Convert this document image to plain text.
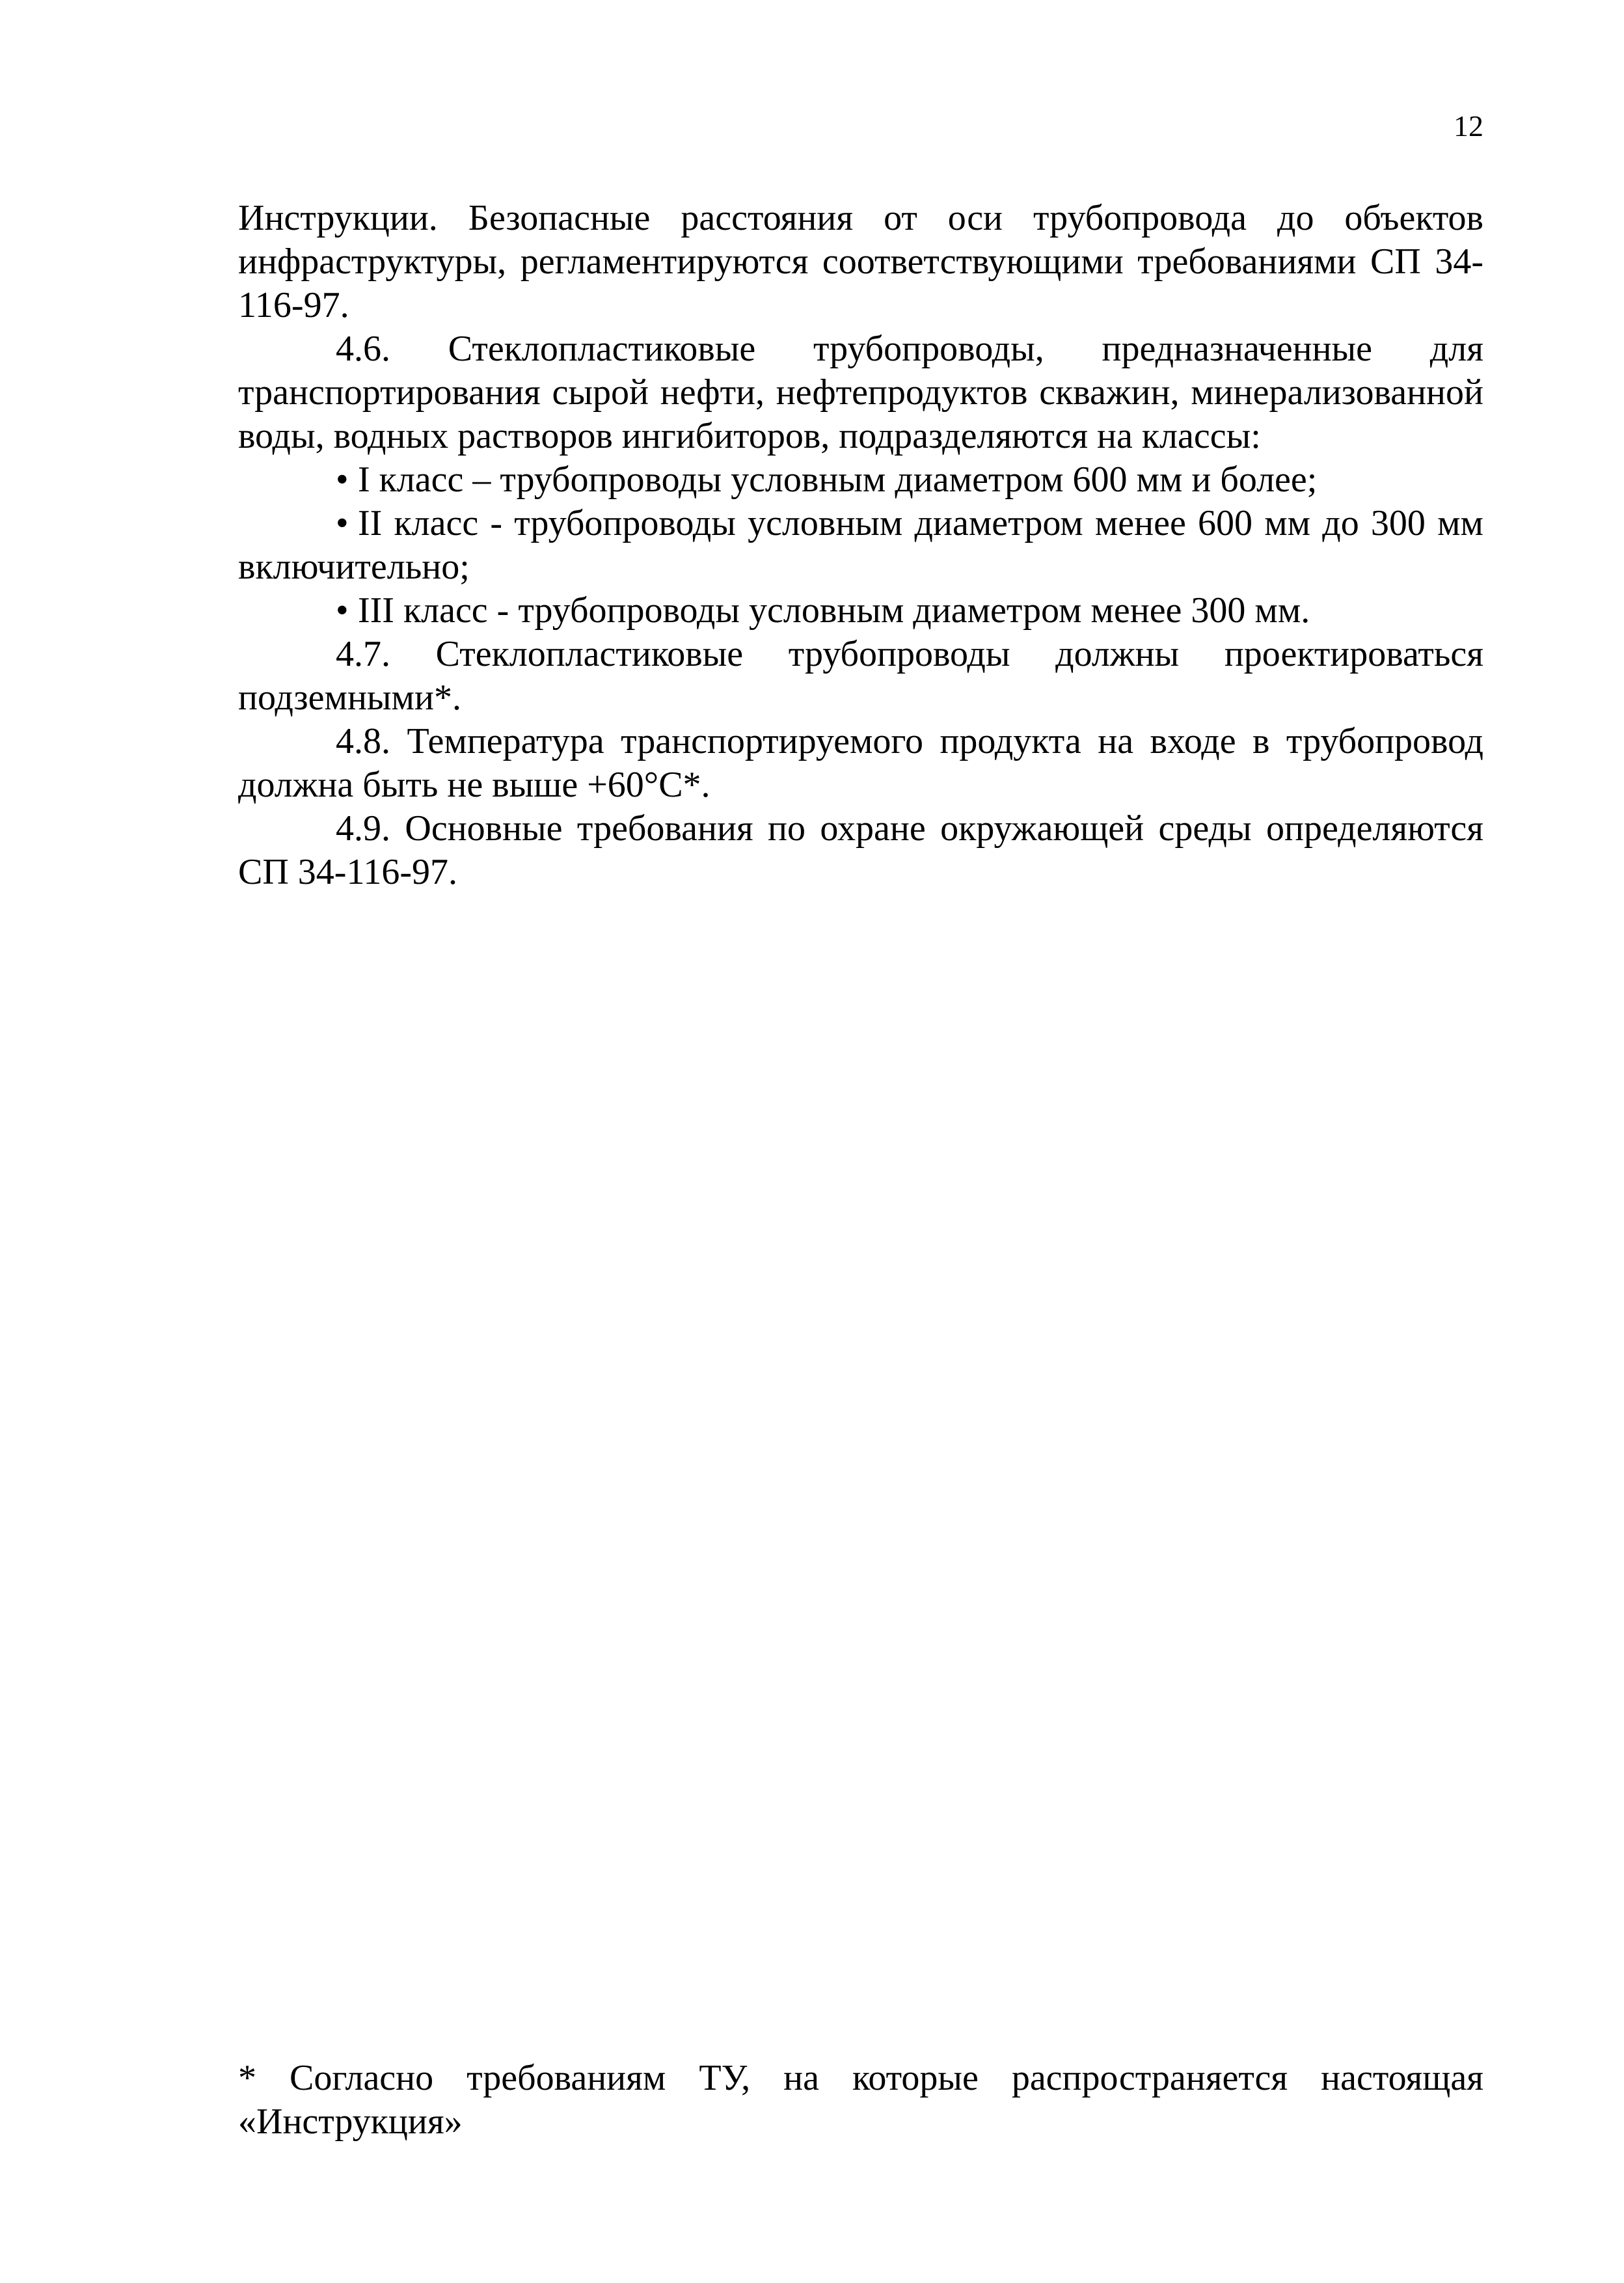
12

Инструкции. Безопасные расстояния от оси трубопровода до объектов инфраструктуры, регламентируются соответствующими требованиями СП 34-116-97.

4.6. Стеклопластиковые трубопроводы, предназначенные для транспортирования сырой нефти, нефтепродуктов скважин, минерализованной воды, водных растворов ингибиторов, подразделяются на классы:

• I класс – трубопроводы условным диаметром 600 мм и более;

• II класс - трубопроводы условным диаметром менее 600 мм до 300 мм включительно;

• III класс - трубопроводы условным диаметром менее 300 мм.

4.7. Стеклопластиковые трубопроводы должны проектироваться подземными*.

4.8. Температура транспортируемого продукта на входе в трубопровод должна быть не выше +60°С*.

4.9. Основные требования по охране окружающей среды определяются СП 34-116-97.

* Согласно требованиям ТУ, на которые распространяется настоящая «Инструкция»
